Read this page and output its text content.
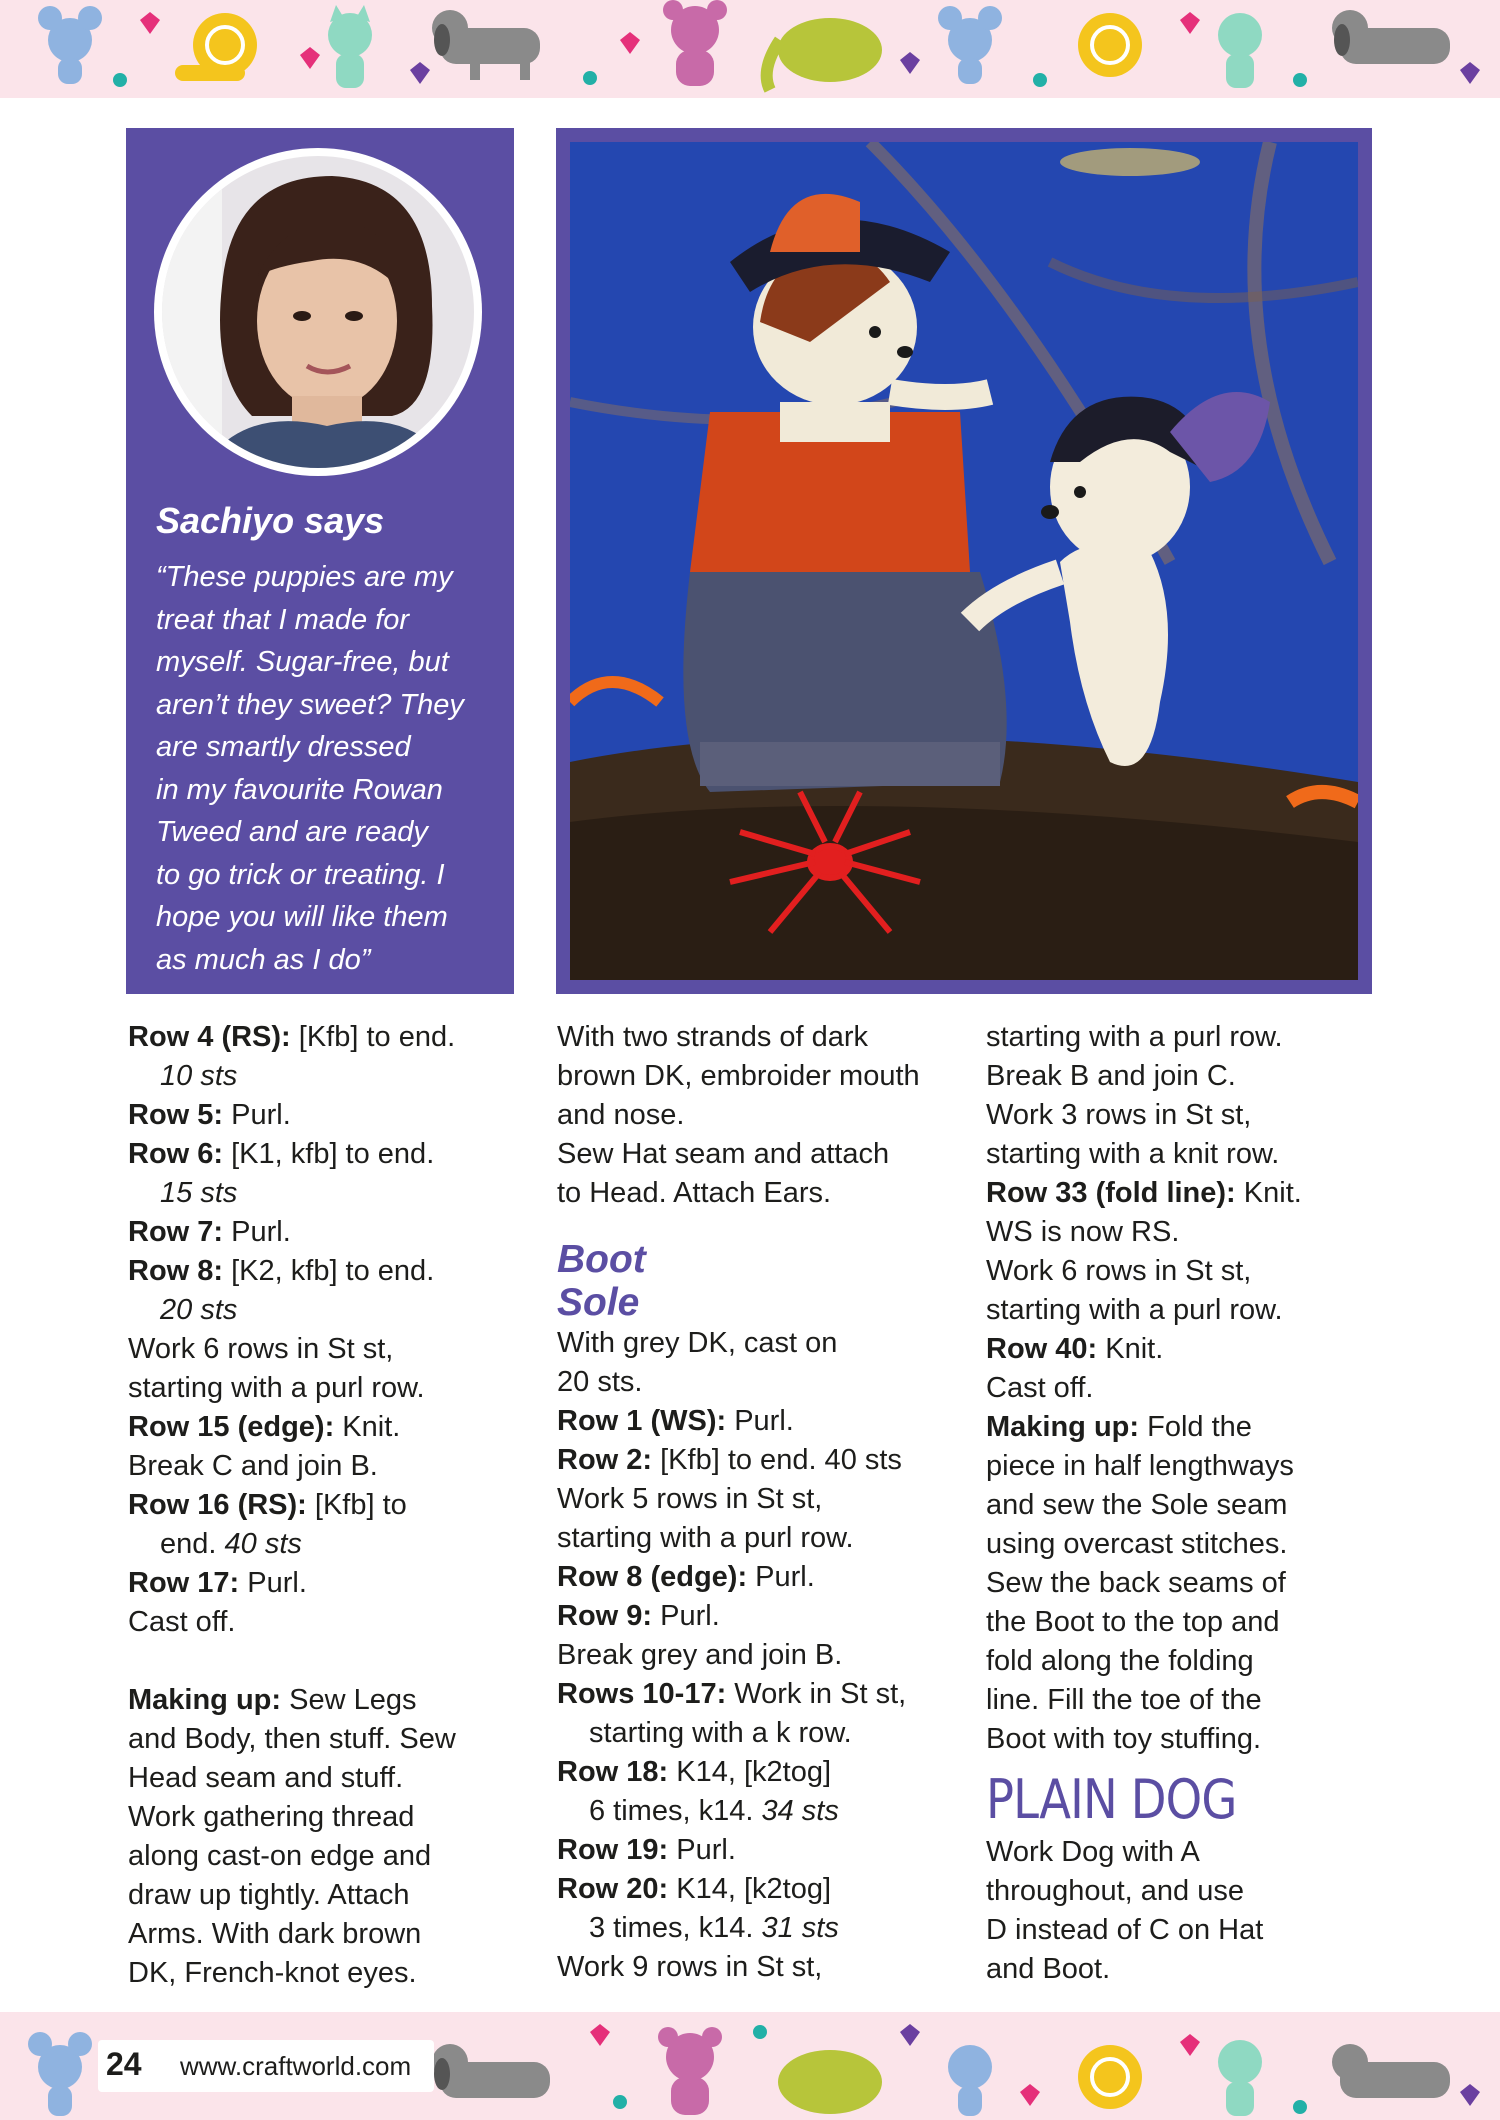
Sachiyo says
“These puppies are my
treat that I made for
myself. Sugar-free, but
aren’t they sweet? They
are smartly dressed
in my favourite Rowan
Tweed and are ready
to go trick or treating. I
hope you will like them
as much as I do”
Row 4 (RS): [Kfb] to end.
10 sts
Row 5: Purl.
Row 6: [K1, kfb] to end.
15 sts
Row 7: Purl.
Row 8: [K2, kfb] to end.
20 sts
Work 6 rows in St st,
starting with a purl row.
Row 15 (edge): Knit.
Break C and join B.
Row 16 (RS): [Kfb] to
end. 40 sts
Row 17: Purl.
Cast off.
Making up: Sew Legs
and Body, then stuff. Sew
Head seam and stuff.
Work gathering thread
along cast-on edge and
draw up tightly. Attach
Arms. With dark brown
DK, French-knot eyes.
With two strands of dark
brown DK, embroider mouth
and nose.
Sew Hat seam and attach
to Head. Attach Ears.
Boot
Sole
With grey DK, cast on
20 sts.
Row 1 (WS): Purl.
Row 2: [Kfb] to end. 40 sts
Work 5 rows in St st,
starting with a purl row.
Row 8 (edge): Purl.
Row 9: Purl.
Break grey and join B.
Rows 10-17: Work in St st,
starting with a k row.
Row 18: K14, [k2tog]
6 times, k14. 34 sts
Row 19: Purl.
Row 20: K14, [k2tog]
3 times, k14. 31 sts
Work 9 rows in St st,
starting with a purl row.
Break B and join C.
Work 3 rows in St st,
starting with a knit row.
Row 33 (fold line): Knit.
WS is now RS.
Work 6 rows in St st,
starting with a purl row.
Row 40: Knit.
Cast off.
Making up: Fold the
piece in half lengthways
and sew the Sole seam
using overcast stitches.
Sew the back seams of
the Boot to the top and
fold along the folding
line. Fill the toe of the
Boot with toy stuffing.
PLAIN DOG
Work Dog with A
throughout, and use
D instead of C on Hat
and Boot.
24 www.craftworld.com
